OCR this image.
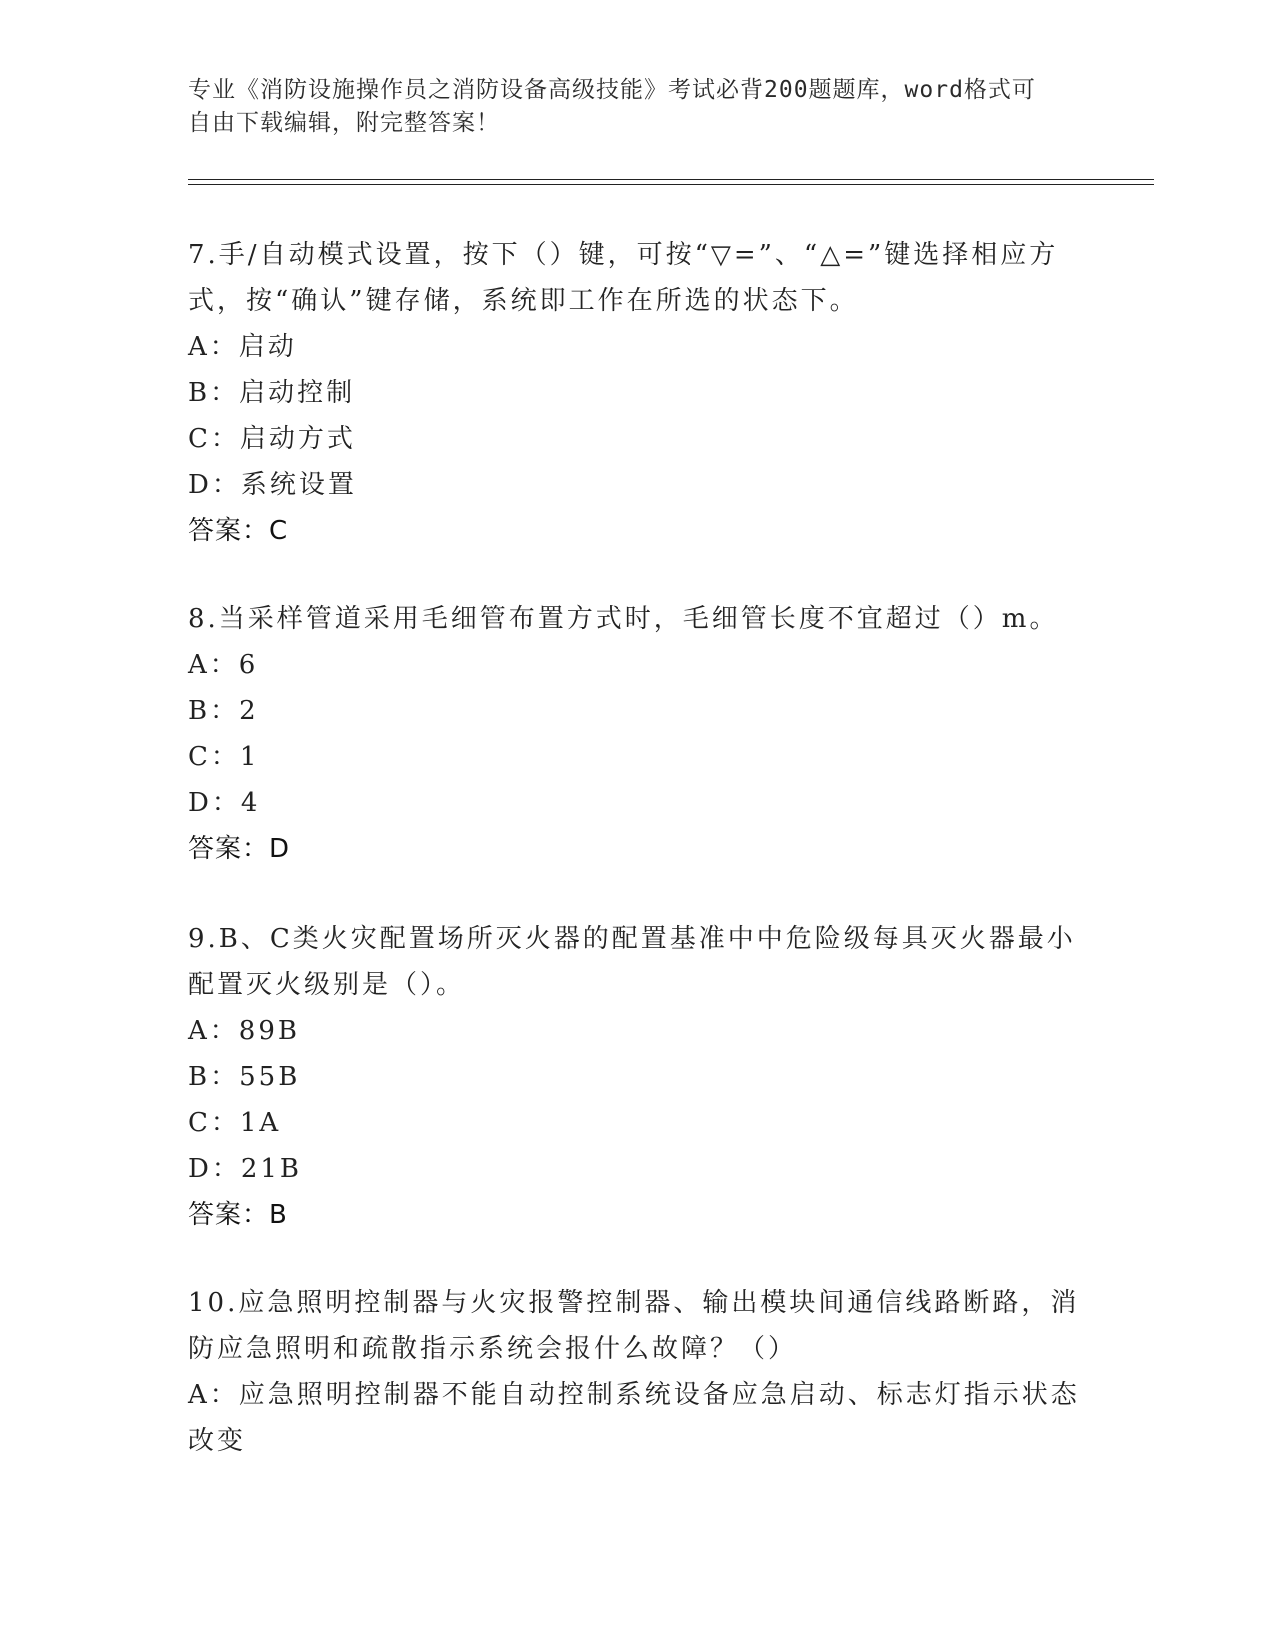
专业《消防设施操作员之消防设备高级技能》考试必背200题题库，word格式可自由下载编辑，附完整答案！

7.手/自动模式设置，按下（）键，可按“▽=”、“△=”键选择相应方式，按“确认”键存储，系统即工作在所选的状态下。

A：启动

B：启动控制

C：启动方式

D：系统设置

答案：C

8.当采样管道采用毛细管布置方式时，毛细管长度不宜超过（）m。

A：6

B：2

C：1

D：4

答案：D

9.B、C类火灾配置场所灭火器的配置基准中中危险级每具灭火器最小配置灭火级别是（）。

A：89B

B：55B

C：1A

D：21B

答案：B

10.应急照明控制器与火灾报警控制器、输出模块间通信线路断路，消防应急照明和疏散指示系统会报什么故障？（）

A：应急照明控制器不能自动控制系统设备应急启动、标志灯指示状态改变
